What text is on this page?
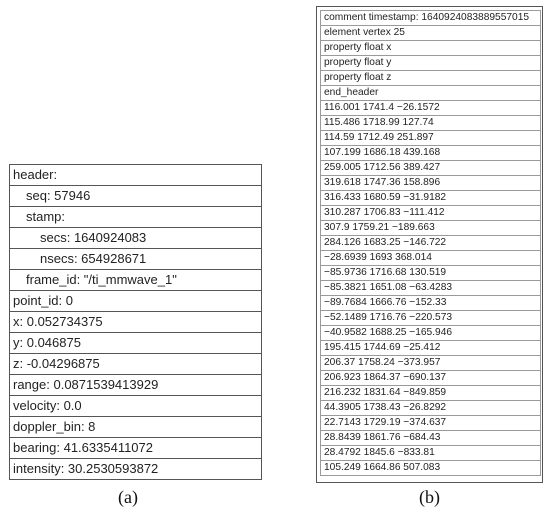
header:
seq: 57946
stamp:
secs: 1640924083
nsecs: 654928671
frame_id: "/ti_mmwave_1"
point_id: 0
x: 0.052734375
y: 0.046875
z: -0.04296875
range: 0.0871539413929
velocity: 0.0
doppler_bin: 8
bearing: 41.6335411072
intensity: 30.2530593872
(a)
comment timestamp: 1640924083889557015
element vertex 25
property float x
property float y
property float z
end_header
116.001 1741.4 −26.1572
115.486 1718.99 127.74
114.59 1712.49 251.897
107.199 1686.18 439.168
259.005 1712.56 389.427
319.618 1747.36 158.896
316.433 1680.59 −31.9182
310.287 1706.83 −111.412
307.9 1759.21 −189.663
284.126 1683.25 −146.722
−28.6939 1693 368.014
−85.9736 1716.68 130.519
−85.3821 1651.08 −63.4283
−89.7684 1666.76 −152.33
−52.1489 1716.76 −220.573
−40.9582 1688.25 −165.946
195.415 1744.69 −25.412
206.37 1758.24 −373.957
206.923 1864.37 −690.137
216.232 1831.64 −849.859
44.3905 1738.43 −26.8292
22.7143 1729.19 −374.637
28.8439 1861.76 −684.43
28.4792 1845.6 −833.81
105.249 1664.86 507.083
(b)
